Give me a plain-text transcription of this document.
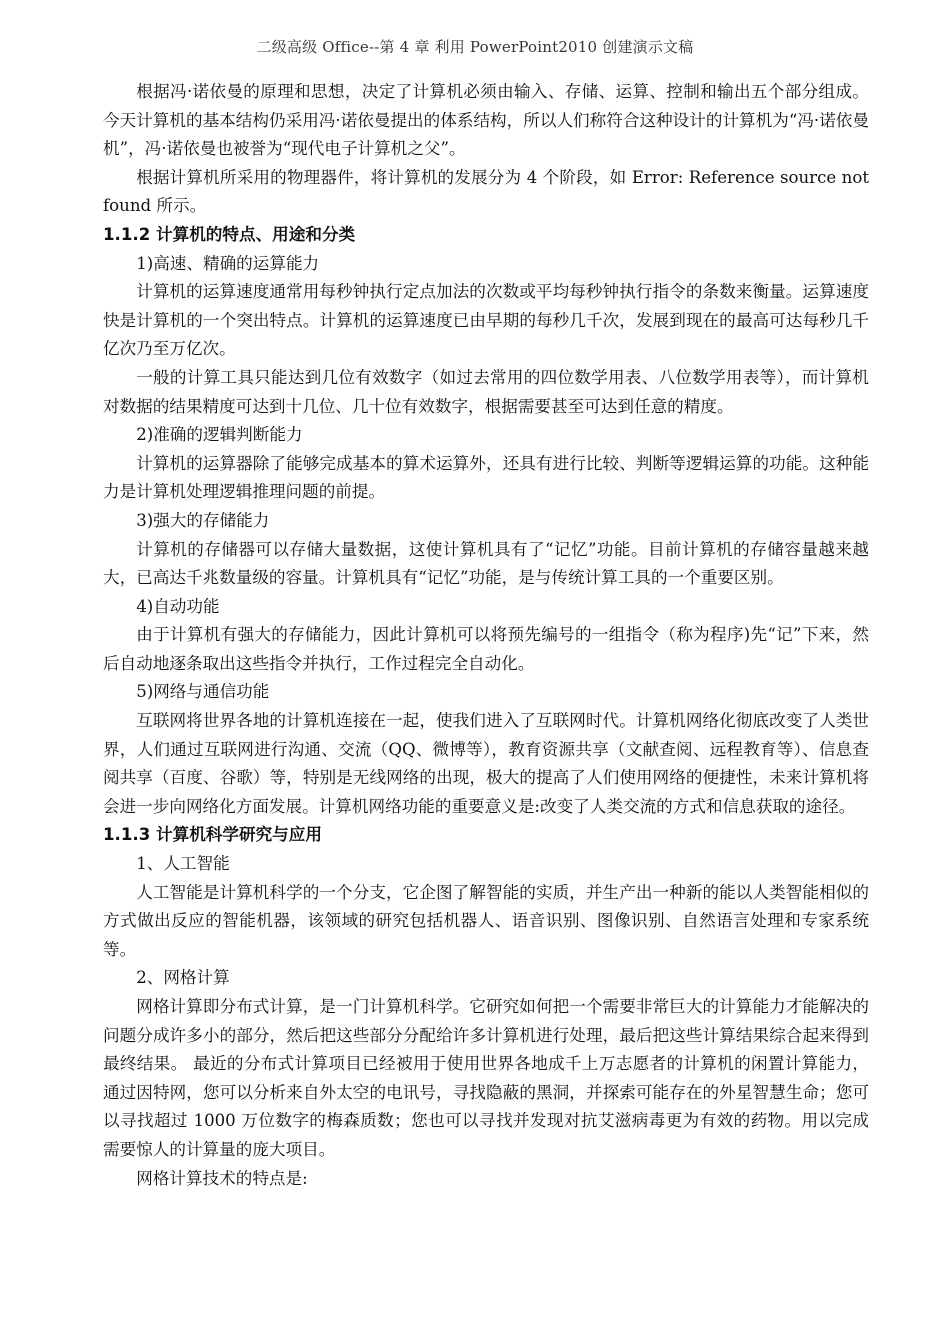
二级高级 Office--第 4 章 利用 PowerPoint2010 创建演示文稿

根据冯·诺依曼的原理和思想，决定了计算机必须由输入、存储、运算、控制和输出五个部分组成。今天计算机的基本结构仍采用冯·诺依曼提出的体系结构，所以人们称符合这种设计的计算机为“冯·诺依曼机”，冯·诺依曼也被誉为“现代电子计算机之父”。

根据计算机所采用的物理器件，将计算机的发展分为 4 个阶段，如 Error: Reference source not found 所示。

1.1.2 计算机的特点、用途和分类

1)高速、精确的运算能力

计算机的运算速度通常用每秒钟执行定点加法的次数或平均每秒钟执行指令的条数来衡量。运算速度快是计算机的一个突出特点。计算机的运算速度已由早期的每秒几千次，发展到现在的最高可达每秒几千亿次乃至万亿次。

一般的计算工具只能达到几位有效数字（如过去常用的四位数学用表、八位数学用表等），而计算机对数据的结果精度可达到十几位、几十位有效数字，根据需要甚至可达到任意的精度。

2)准确的逻辑判断能力

计算机的运算器除了能够完成基本的算术运算外，还具有进行比较、判断等逻辑运算的功能。这种能力是计算机处理逻辑推理问题的前提。

3)强大的存储能力

计算机的存储器可以存储大量数据，这使计算机具有了“记忆”功能。目前计算机的存储容量越来越大，已高达千兆数量级的容量。计算机具有“记忆”功能，是与传统计算工具的一个重要区别。

4)自动功能

由于计算机有强大的存储能力，因此计算机可以将预先编号的一组指令（称为程序)先“记”下来，然后自动地逐条取出这些指令并执行，工作过程完全自动化。

5)网络与通信功能

互联网将世界各地的计算机连接在一起，使我们进入了互联网时代。计算机网络化彻底改变了人类世界，人们通过互联网进行沟通、交流（QQ、微博等），教育资源共享（文献查阅、远程教育等）、信息查阅共享（百度、谷歌）等，特别是无线网络的出现，极大的提高了人们使用网络的便捷性，未来计算机将会进一步向网络化方面发展。计算机网络功能的重要意义是:改变了人类交流的方式和信息获取的途径。

1.1.3 计算机科学研究与应用

1、人工智能

人工智能是计算机科学的一个分支，它企图了解智能的实质，并生产出一种新的能以人类智能相似的方式做出反应的智能机器，该领域的研究包括机器人、语音识别、图像识别、自然语言处理和专家系统等。

2、网格计算

网格计算即分布式计算，是一门计算机科学。它研究如何把一个需要非常巨大的计算能力才能解决的问题分成许多小的部分，然后把这些部分分配给许多计算机进行处理，最后把这些计算结果综合起来得到最终结果。 最近的分布式计算项目已经被用于使用世界各地成千上万志愿者的计算机的闲置计算能力，通过因特网，您可以分析来自外太空的电讯号，寻找隐蔽的黑洞，并探索可能存在的外星智慧生命；您可以寻找超过 1000 万位数字的梅森质数；您也可以寻找并发现对抗艾滋病毒更为有效的药物。用以完成需要惊人的计算量的庞大项目。

网格计算技术的特点是:
